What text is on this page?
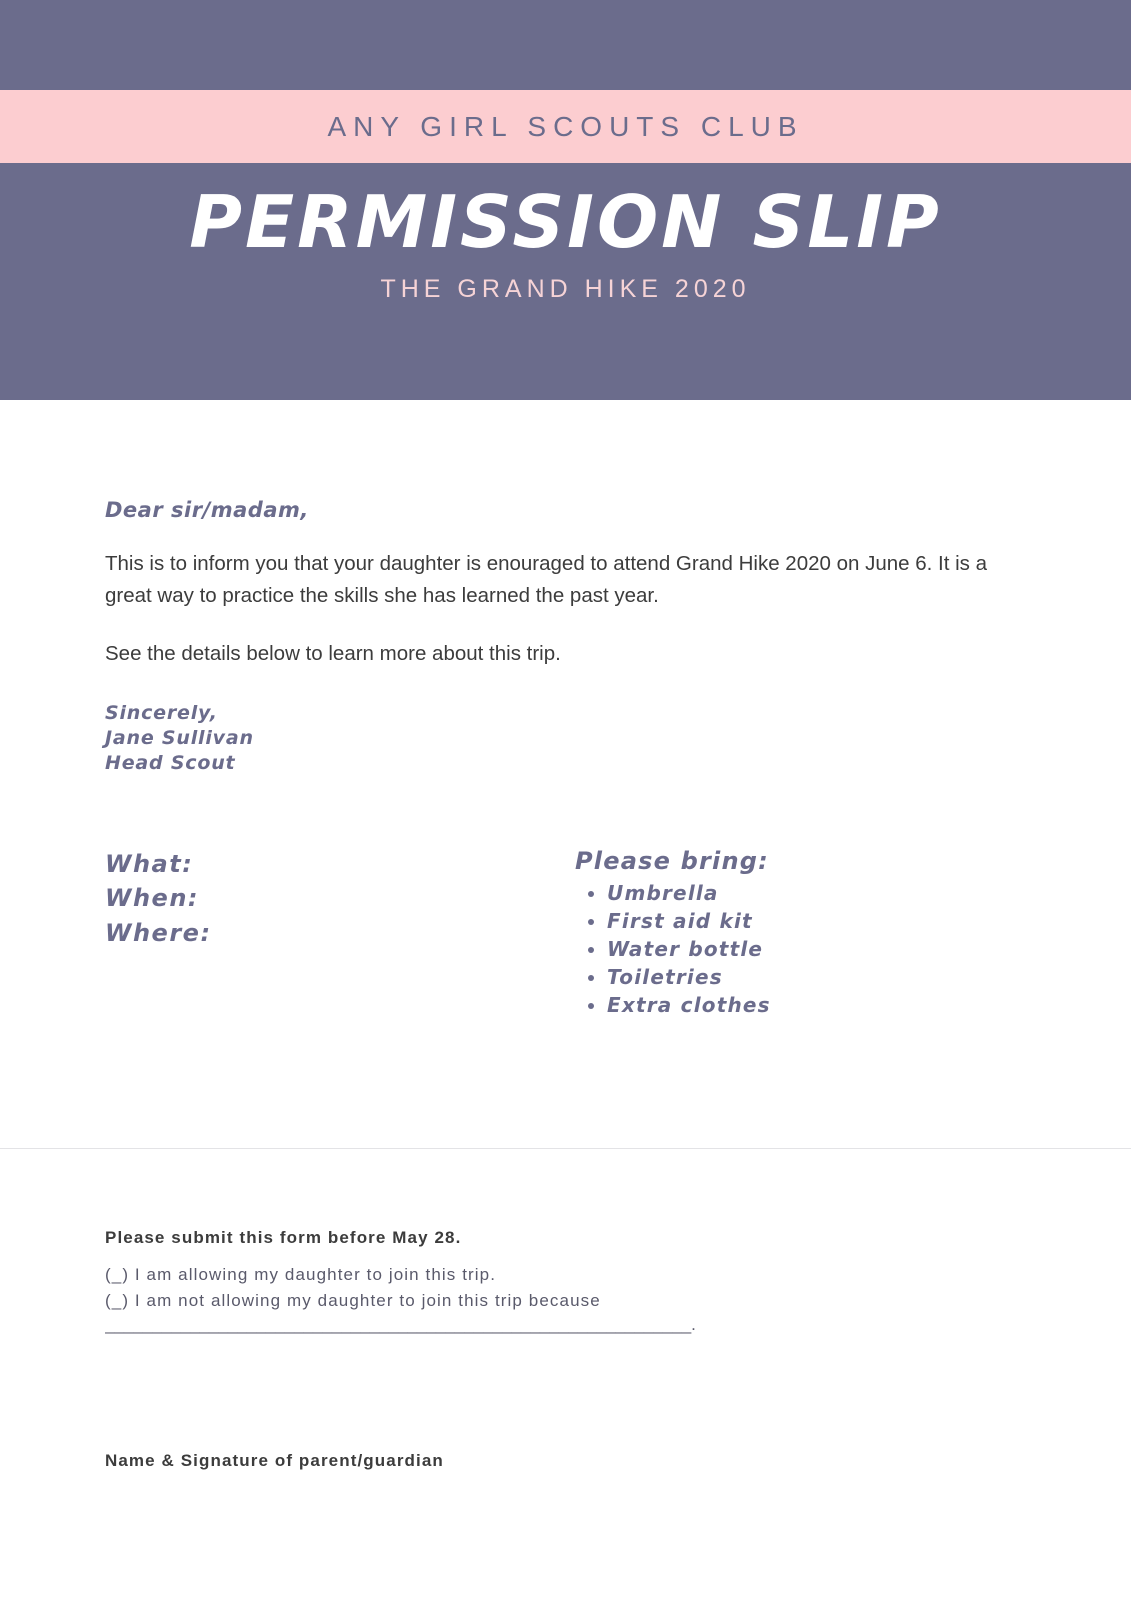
ANY GIRL SCOUTS CLUB
PERMISSION SLIP
THE GRAND HIKE 2020
Dear sir/madam,
This is to inform you that your daughter is enouraged to attend Grand Hike 2020 on June 6. It is a great way to practice the skills she has learned the past year.
See the details below to learn more about this trip.
Sincerely,
Jane Sullivan
Head Scout
What:
When:
Where:
Please bring:
• Umbrella
• First aid kit
• Water bottle
• Toiletries
• Extra clothes
Please submit this form before May 28.
(_) I am allowing my daughter to join this trip.
(_) I am not allowing my daughter to join this trip because
______________________________________________________________.
Name & Signature of parent/guardian
